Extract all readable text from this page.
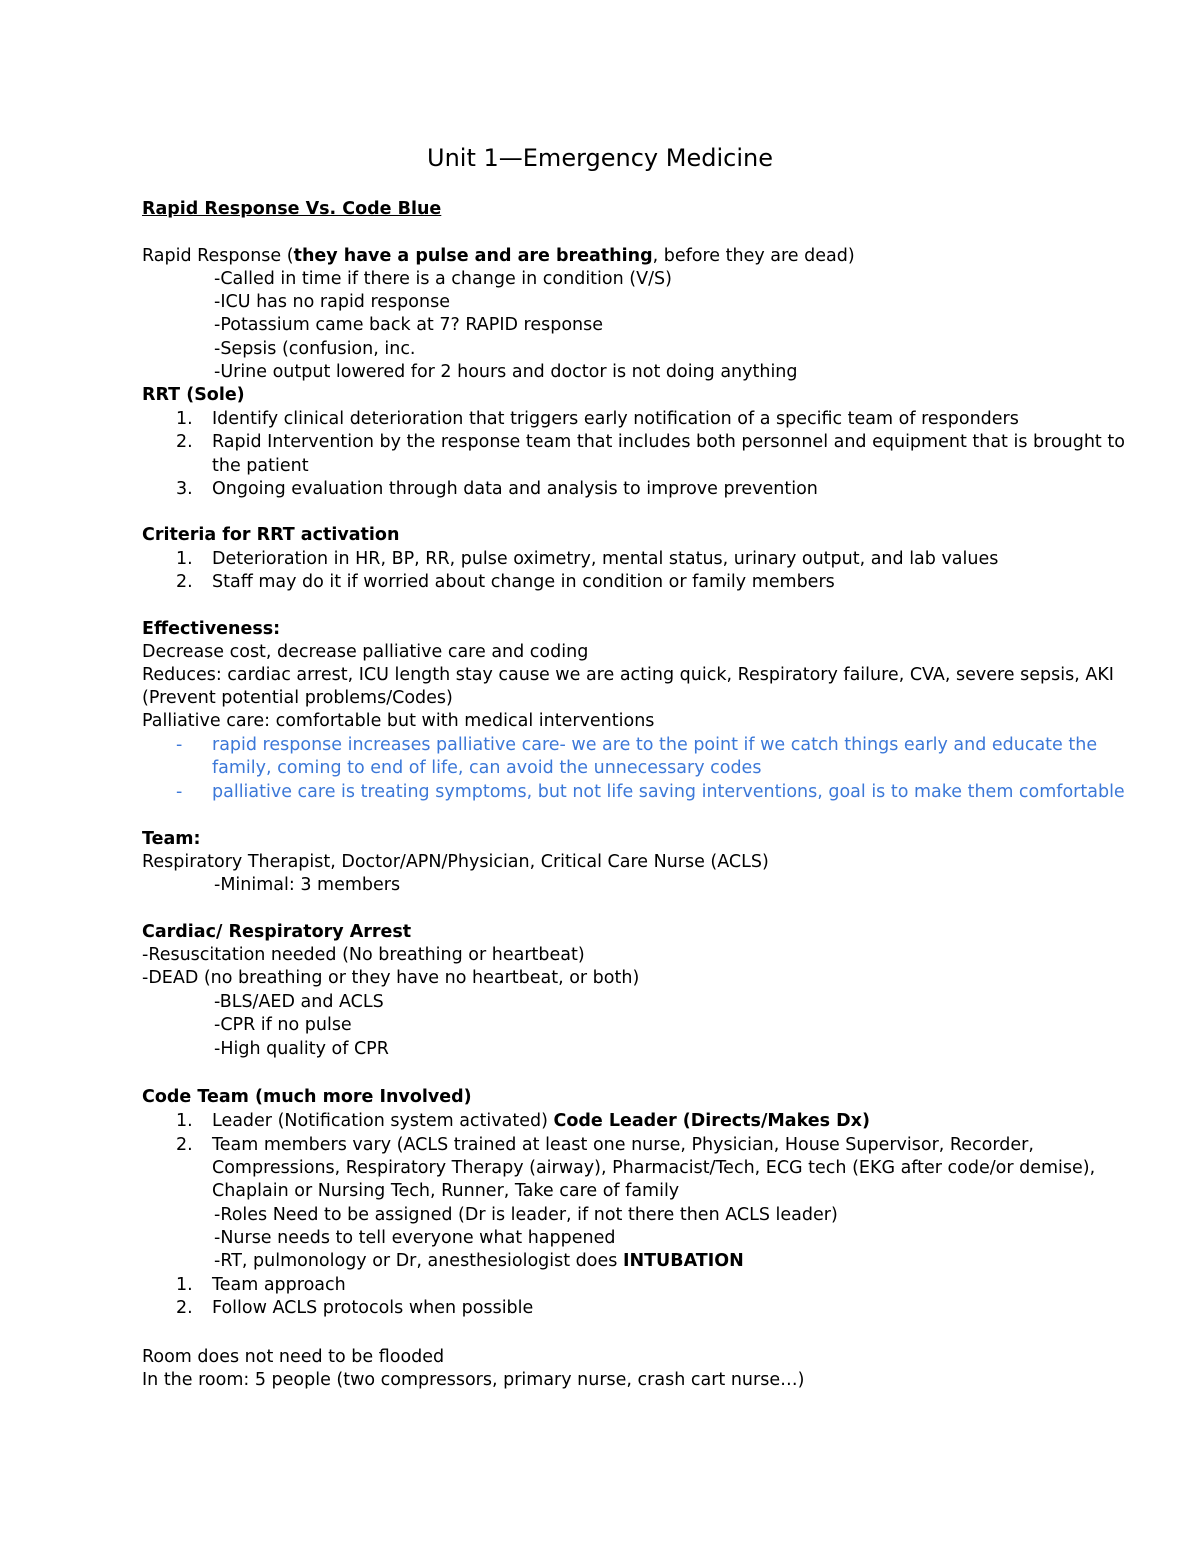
Unit 1—Emergency Medicine
Rapid Response Vs. Code Blue
Rapid Response (they have a pulse and are breathing, before they are dead)
-Called in time if there is a change in condition (V/S)
-ICU has no rapid response
-Potassium came back at 7? RAPID response
-Sepsis (confusion, inc.
-Urine output lowered for 2 hours and doctor is not doing anything
RRT (Sole)
1. Identify clinical deterioration that triggers early notification of a specific team of responders
2. Rapid Intervention by the response team that includes both personnel and equipment that is brought to
the patient
3. Ongoing evaluation through data and analysis to improve prevention
Criteria for RRT activation
1. Deterioration in HR, BP, RR, pulse oximetry, mental status, urinary output, and lab values
2. Staff may do it if worried about change in condition or family members
Effectiveness:
Decrease cost, decrease palliative care and coding
Reduces: cardiac arrest, ICU length stay cause we are acting quick, Respiratory failure, CVA, severe sepsis, AKI
(Prevent potential problems/Codes)
Palliative care: comfortable but with medical interventions
- rapid response increases palliative care- we are to the point if we catch things early and educate the
family, coming to end of life, can avoid the unnecessary codes
- palliative care is treating symptoms, but not life saving interventions, goal is to make them comfortable
Team:
Respiratory Therapist, Doctor/APN/Physician, Critical Care Nurse (ACLS)
-Minimal: 3 members
Cardiac/ Respiratory Arrest
-Resuscitation needed (No breathing or heartbeat)
-DEAD (no breathing or they have no heartbeat, or both)
-BLS/AED and ACLS
-CPR if no pulse
-High quality of CPR
Code Team (much more Involved)
1. Leader (Notification system activated) Code Leader (Directs/Makes Dx)
2. Team members vary (ACLS trained at least one nurse, Physician, House Supervisor, Recorder,
Compressions, Respiratory Therapy (airway), Pharmacist/Tech, ECG tech (EKG after code/or demise),
Chaplain or Nursing Tech, Runner, Take care of family
-Roles Need to be assigned (Dr is leader, if not there then ACLS leader)
-Nurse needs to tell everyone what happened
-RT, pulmonology or Dr, anesthesiologist does INTUBATION
1. Team approach
2. Follow ACLS protocols when possible
Room does not need to be flooded
In the room: 5 people (two compressors, primary nurse, crash cart nurse…)
